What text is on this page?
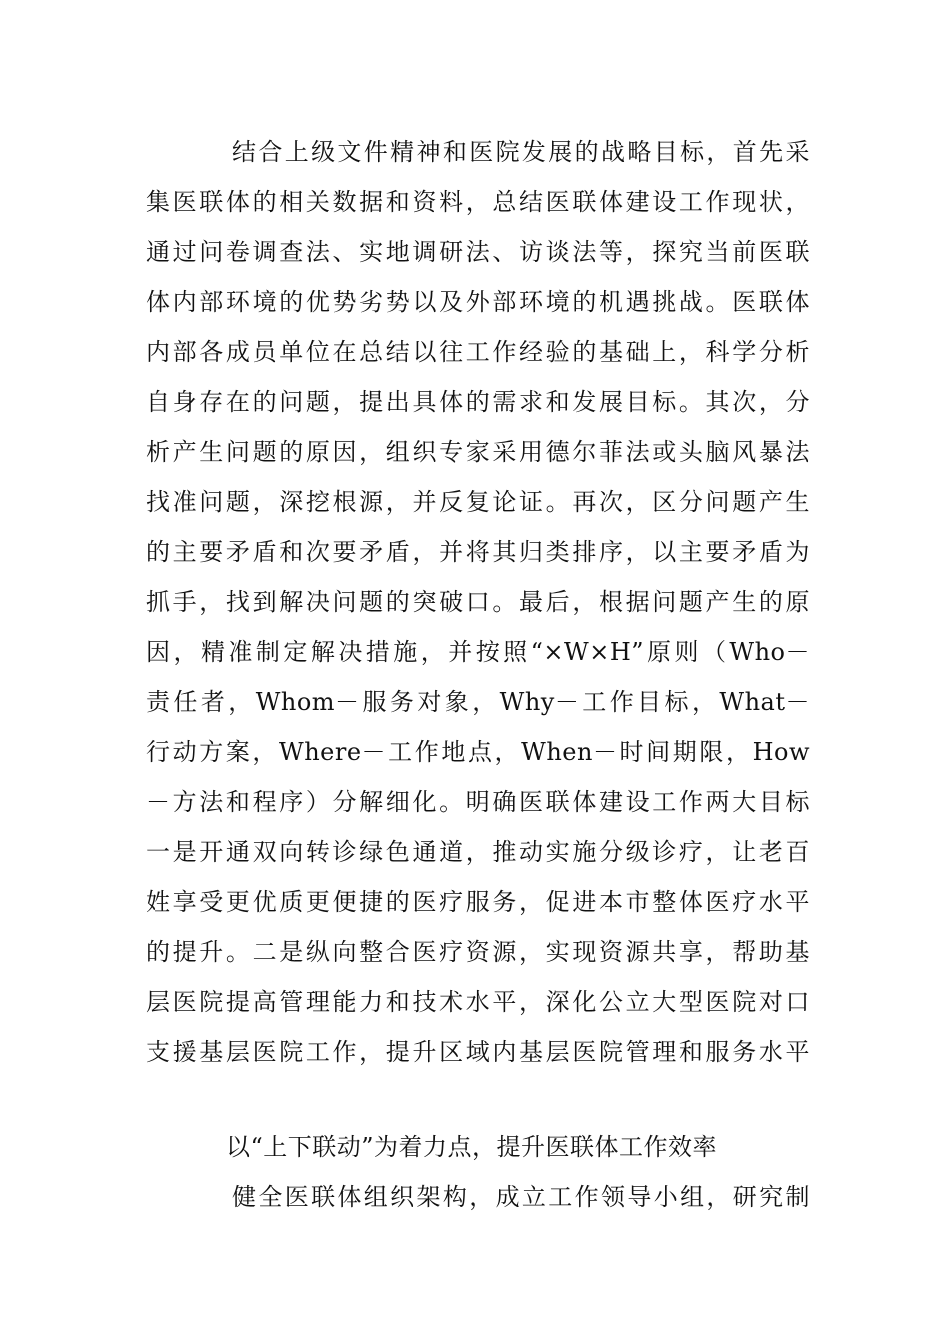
结合上级文件精神和医院发展的战略目标，首先采
集医联体的相关数据和资料，总结医联体建设工作现状，
通过问卷调查法、实地调研法、访谈法等，探究当前医联
体内部环境的优势劣势以及外部环境的机遇挑战。医联体
内部各成员单位在总结以往工作经验的基础上，科学分析
自身存在的问题，提出具体的需求和发展目标。其次，分
析产生问题的原因，组织专家采用德尔菲法或头脑风暴法
找准问题，深挖根源，并反复论证。再次，区分问题产生
的主要矛盾和次要矛盾，并将其归类排序，以主要矛盾为
抓手，找到解决问题的突破口。最后，根据问题产生的原
因，精准制定解决措施，并按照“×W×H”原则（Who－
责任者，Whom－服务对象，Why－工作目标，What－
行动方案，Where－工作地点，When－时间期限，How
－方法和程序）分解细化。明确医联体建设工作两大目标
一是开通双向转诊绿色通道，推动实施分级诊疗，让老百
姓享受更优质更便捷的医疗服务，促进本市整体医疗水平
的提升。二是纵向整合医疗资源，实现资源共享，帮助基
层医院提高管理能力和技术水平，深化公立大型医院对口
支援基层医院工作，提升区域内基层医院管理和服务水平
以“上下联动”为着力点，提升医联体工作效率
健全医联体组织架构，成立工作领导小组，研究制
